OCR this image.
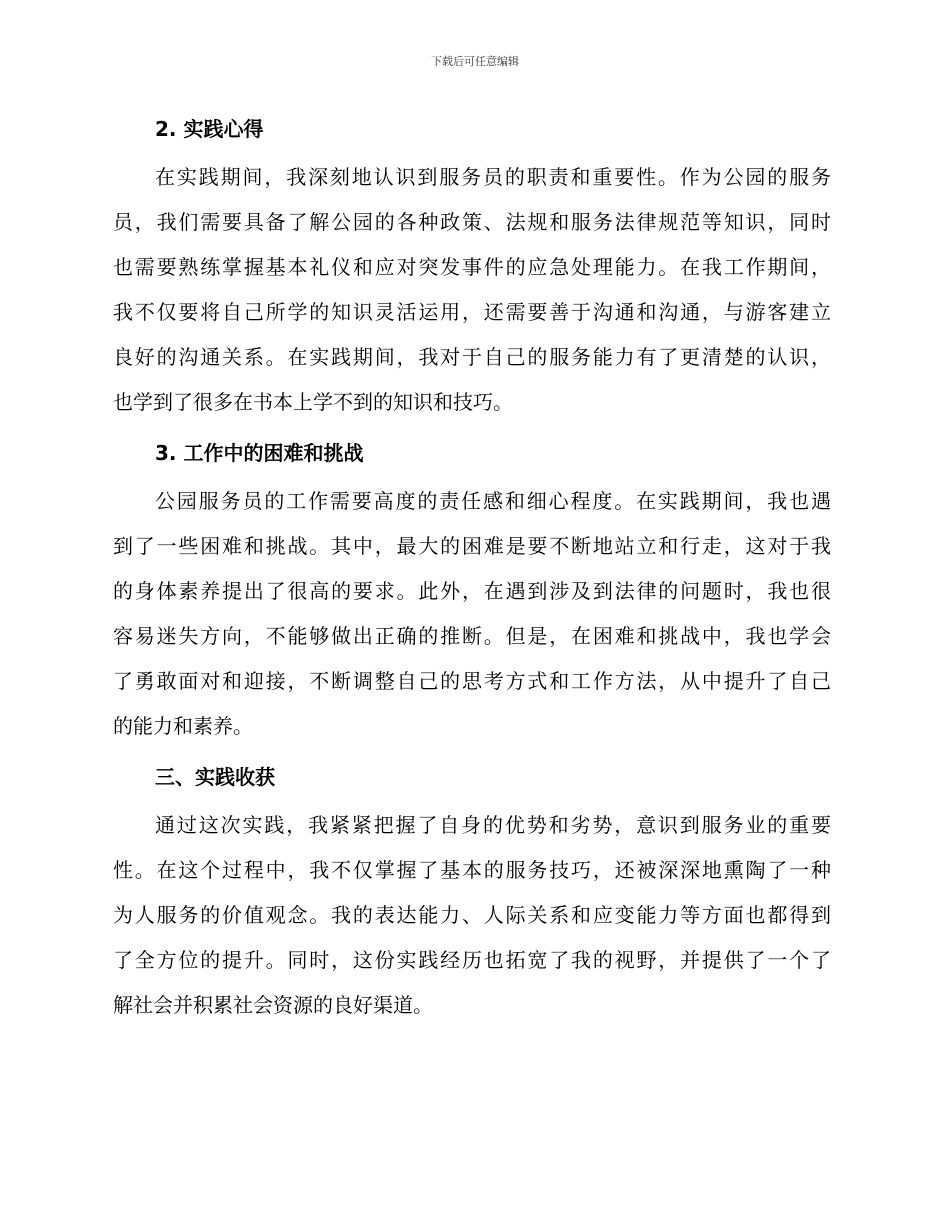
下载后可任意编辑
2. 实践心得

在实践期间，我深刻地认识到服务员的职责和重要性。作为公园的服务
员，我们需要具备了解公园的各种政策、法规和服务法律规范等知识，同时
也需要熟练掌握基本礼仪和应对突发事件的应急处理能力。在我工作期间，
我不仅要将自己所学的知识灵活运用，还需要善于沟通和沟通，与游客建立
良好的沟通关系。在实践期间，我对于自己的服务能力有了更清楚的认识，
也学到了很多在书本上学不到的知识和技巧。

3. 工作中的困难和挑战

公园服务员的工作需要高度的责任感和细心程度。在实践期间，我也遇
到了一些困难和挑战。其中，最大的困难是要不断地站立和行走，这对于我
的身体素养提出了很高的要求。此外，在遇到涉及到法律的问题时，我也很
容易迷失方向，不能够做出正确的推断。但是，在困难和挑战中，我也学会
了勇敢面对和迎接，不断调整自己的思考方式和工作方法，从中提升了自己
的能力和素养。

三、实践收获

通过这次实践，我紧紧把握了自身的优势和劣势，意识到服务业的重要
性。在这个过程中，我不仅掌握了基本的服务技巧，还被深深地熏陶了一种
为人服务的价值观念。我的表达能力、人际关系和应变能力等方面也都得到
了全方位的提升。同时，这份实践经历也拓宽了我的视野，并提供了一个了
解社会并积累社会资源的良好渠道。
